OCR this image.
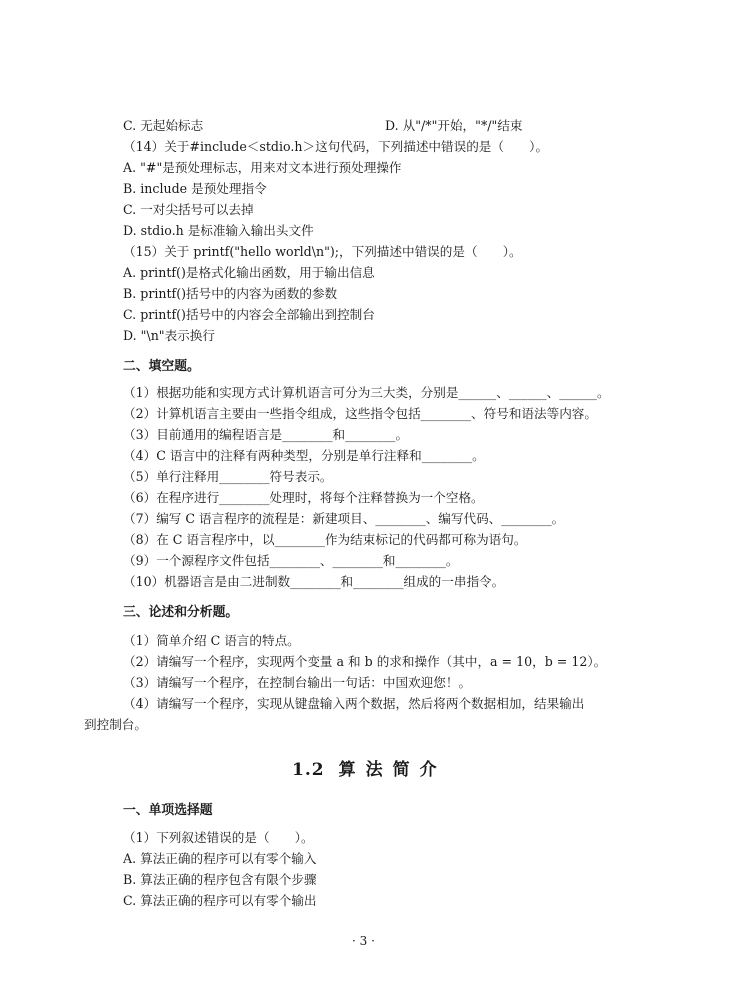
C. 无起始标志	D. 从"/*"开始，"*/"结束
（14）关于#include＜stdio.h＞这句代码，下列描述中错误的是（　　）。
A. "#"是预处理标志，用来对文本进行预处理操作
B. include 是预处理指令
C. 一对尖括号可以去掉
D. stdio.h 是标准输入输出头文件
（15）关于 printf("hello world\n");，下列描述中错误的是（　　）。
A. printf()是格式化输出函数，用于输出信息
B. printf()括号中的内容为函数的参数
C. printf()括号中的内容会全部输出到控制台
D. "\n"表示换行
二、填空题。
（1）根据功能和实现方式计算机语言可分为三大类，分别是______、______、______。
（2）计算机语言主要由一些指令组成，这些指令包括________、符号和语法等内容。
（3）目前通用的编程语言是________和________。
（4）C 语言中的注释有两种类型，分别是单行注释和________。
（5）单行注释用________符号表示。
（6）在程序进行________处理时，将每个注释替换为一个空格。
（7）编写 C 语言程序的流程是：新建项目、________、编写代码、________。
（8）在 C 语言程序中，以________作为结束标记的代码都可称为语句。
（9）一个源程序文件包括________、________和________。
（10）机器语言是由二进制数________和________组成的一串指令。
三、论述和分析题。
（1）简单介绍 C 语言的特点。
（2）请编写一个程序，实现两个变量 a 和 b 的求和操作（其中，a = 10，b = 12）。
（3）请编写一个程序，在控制台输出一句话：中国欢迎您！。
（4）请编写一个程序，实现从键盘输入两个数据，然后将两个数据相加，结果输出
到控制台。
1.2 算法简介
一、单项选择题
（1）下列叙述错误的是（　　）。
A. 算法正确的程序可以有零个输入
B. 算法正确的程序包含有限个步骤
C. 算法正确的程序可以有零个输出
· 3 ·
